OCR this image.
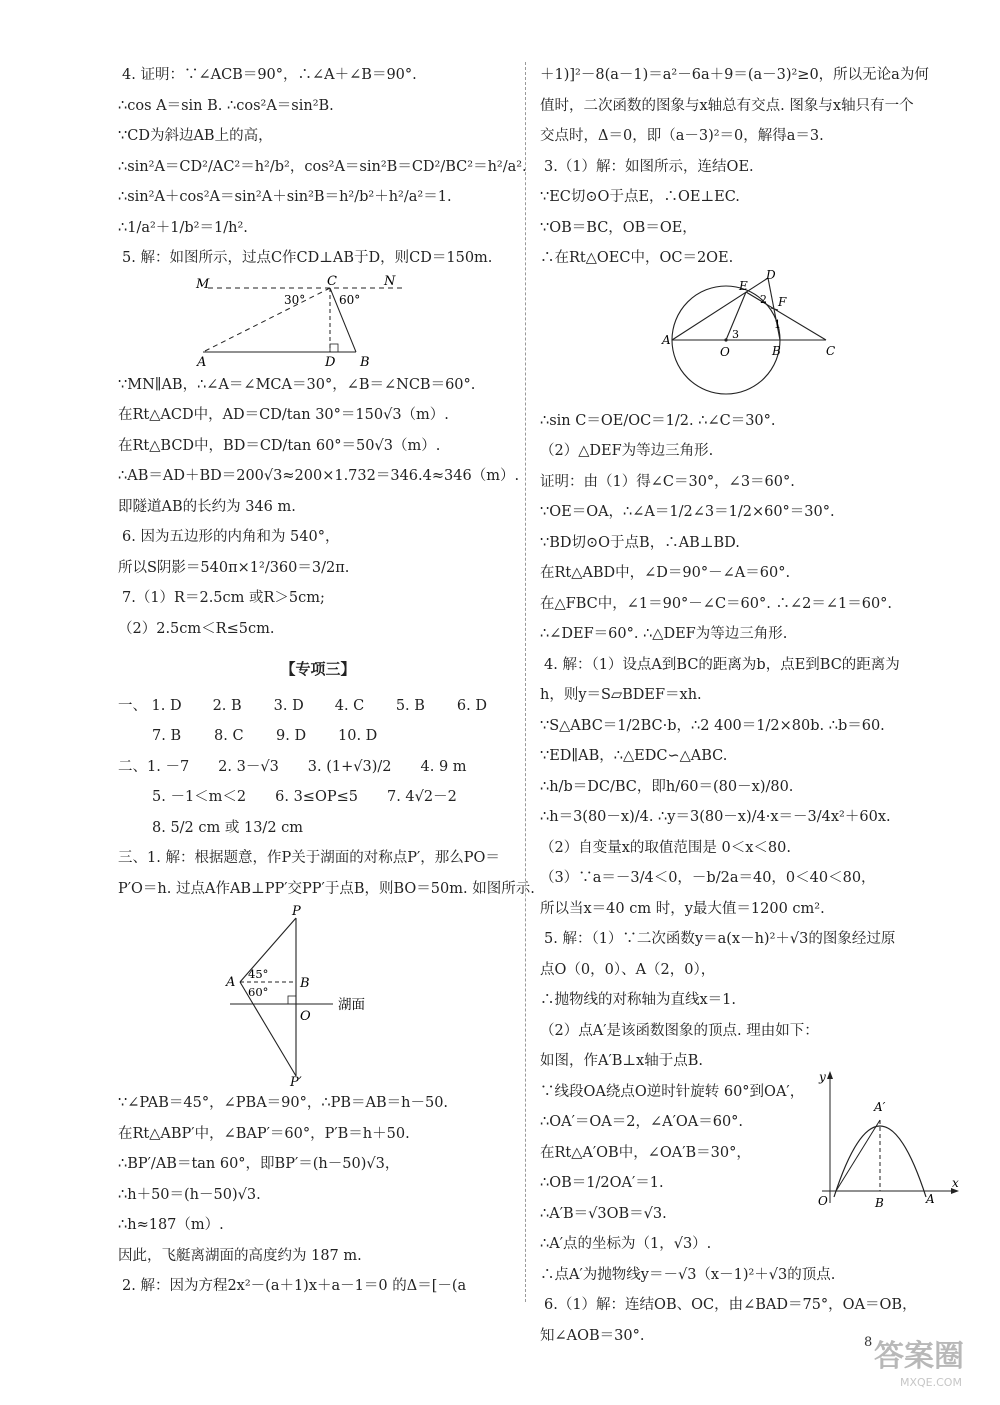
4. 证明：∵∠ACB＝90°，∴∠A＋∠B＝90°.
∴cos A＝sin B. ∴cos²A＝sin²B.
∵CD为斜边AB上的高，
∴sin²A＝CD²/AC²＝h²/b²，cos²A＝sin²B＝CD²/BC²＝h²/a².
∴sin²A＋cos²A＝sin²A＋sin²B＝h²/b²＋h²/a²＝1.
∴1/a²＋1/b²＝1/h².
5. 解：如图所示，过点C作CD⊥AB于D，则CD＝150m.
M	C	N
30°	60°
A	D B
∵MN∥AB，∴∠A＝∠MCA＝30°，∠B＝∠NCB＝60°.
在Rt△ACD中，AD＝CD/tan 30°＝150√3（m）.
在Rt△BCD中，BD＝CD/tan 60°＝50√3（m）.
∴AB＝AD＋BD＝200√3≈200×1.732＝346.4≈346（m）.
即隧道AB的长约为 346 m.
6. 因为五边形的内角和为 540°，
所以S阴影＝540π×1²/360＝3/2π.
7.（1）R＝2.5cm 或R＞5cm;
（2）2.5cm＜R≤5cm.
【专项三】
一、 1. D	2. B	3. D	4. C	5. B	6. D
7. B	8. C	9. D	10. D
二、1. －7　　2. 3－√3　　3. (1+√3)/2　　4. 9 m
5. －1＜m＜2　　6. 3≤OP≤5　　7. 4√2－2
8. 5/2 cm 或 13/2 cm
三、1. 解：根据题意，作P关于湖面的对称点P′，那么PO＝
P′O＝h. 过点A作AB⊥PP′交PP′于点B，则BO＝50m. 如图所示.
P
A	B
O
P′
45°
60°
湖面
∵∠PAB＝45°，∠PBA＝90°，∴PB＝AB＝h－50.
在Rt△ABP′中，∠BAP′＝60°，P′B＝h＋50.
∴BP′/AB＝tan 60°，即BP′＝(h－50)√3，
∴h＋50＝(h－50)√3.
∴h≈187（m）.
因此，飞艇离湖面的高度约为 187 m.
2. 解：因为方程2x²－(a＋1)x＋a－1＝0 的Δ＝[－(a
＋1)]²－8(a－1)＝a²－6a＋9＝(a－3)²≥0，所以无论a为何
值时，二次函数的图象与x轴总有交点. 图象与x轴只有一个
交点时，Δ＝0，即（a－3)²＝0，解得a＝3.
3.（1）解：如图所示，连结OE.
∵EC切⊙O于点E，∴OE⊥EC.
∵OB＝BC，OB＝OE，
∴在Rt△OEC中，OC＝2OE.
D
E
F
A
O	B	C
1
2
3
∴sin C＝OE/OC＝1/2. ∴∠C＝30°.
（2）△DEF为等边三角形.
证明：由（1）得∠C＝30°，∠3＝60°.
∵OE＝OA，∴∠A＝1/2∠3＝1/2×60°＝30°.
∵BD切⊙O于点B，∴AB⊥BD.
在Rt△ABD中，∠D＝90°－∠A＝60°.
在△FBC中，∠1＝90°－∠C＝60°. ∴∠2＝∠1＝60°.
∴∠DEF＝60°. ∴△DEF为等边三角形.
4. 解：（1）设点A到BC的距离为b，点E到BC的距离为
h，则y＝S▱BDEF＝xh.
∵S△ABC＝1/2BC·b，∴2 400＝1/2×80b. ∴b＝60.
∵ED∥AB，∴△EDC∽△ABC.
∴h/b＝DC/BC，即h/60＝(80－x)/80.
∴h＝3(80－x)/4. ∴y＝3(80－x)/4·x＝－3/4x²＋60x.
（2）自变量x的取值范围是 0＜x＜80.
（3）∵a＝－3/4＜0，－b/2a＝40，0＜40＜80，
所以当x＝40 cm 时，y最大值＝1200 cm².
5. 解：（1）∵二次函数y＝a(x－h)²＋√3的图象经过原
点O（0，0）、A（2，0），
∴抛物线的对称轴为直线x＝1.
（2）点A′是该函数图象的顶点. 理由如下：
如图，作A′B⊥x轴于点B.
∵线段OA绕点O逆时针旋转 60°到OA′，
∴OA′＝OA＝2，∠A′OA＝60°.
在Rt△A′OB中，∠OA′B＝30°，
∴OB＝1/2OA′＝1.
∴A′B＝√3OB＝√3.
∴A′点的坐标为（1，√3）.
y
x
A′
O	B	A
∴点A′为抛物线y＝－√3（x－1)²＋√3的顶点.
6.（1）解：连结OB、OC，由∠BAD＝75°，OA＝OB，
知∠AOB＝30°.	8 答案圈
MXQE.COM
